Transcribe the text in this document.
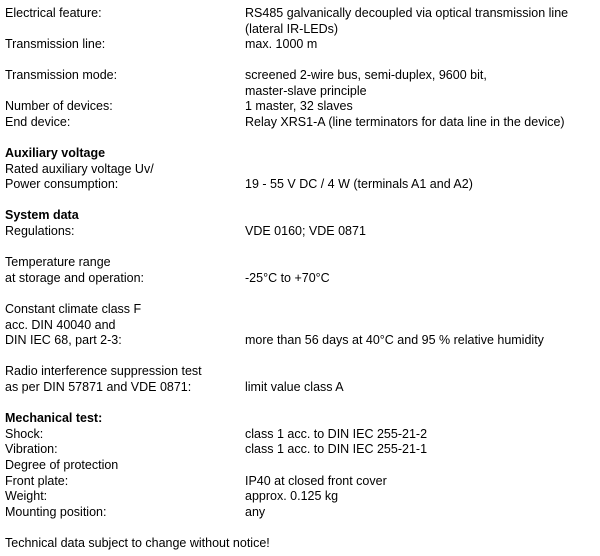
Electrical feature:	RS485 galvanically decoupled via optical transmission line
(lateral IR-LEDs)
Transmission line:	max. 1000 m
Transmission mode:	screened 2-wire bus, semi-duplex, 9600 bit,
master-slave principle
Number of devices:	1 master, 32 slaves
End device:	Relay XRS1-A (line terminators for data line in the device)
Auxiliary voltage
Rated auxiliary voltage Uv/
Power consumption:	19 - 55 V DC / 4 W (terminals A1 and A2)
System data
Regulations:	VDE 0160; VDE 0871
Temperature range
at storage and operation:	-25°C to +70°C
Constant climate class F
acc. DIN 40040 and
DIN IEC 68, part 2-3:	more than 56 days at 40°C and 95 % relative humidity
Radio interference suppression test
as per DIN 57871 and VDE 0871:	limit value class A
Mechanical test:
Shock:	class 1 acc. to DIN IEC 255-21-2
Vibration:	class 1 acc. to DIN IEC 255-21-1
Degree of protection
Front plate:	IP40 at closed front cover
Weight:	approx. 0.125 kg
Mounting position:	any
Technical data subject to change without notice!
